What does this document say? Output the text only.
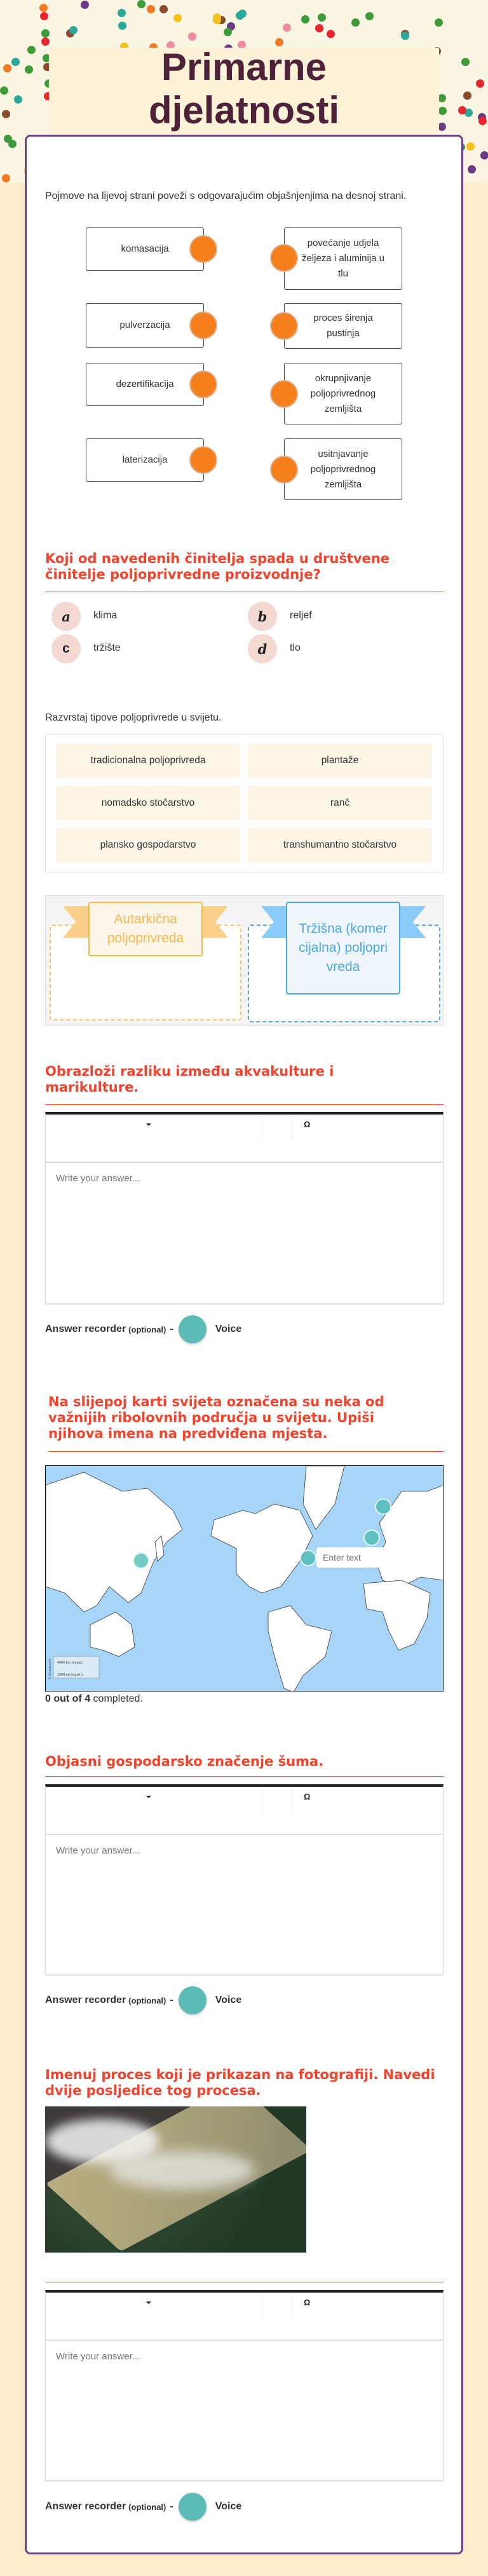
Primarne djelatnosti

Pojmove na lijevoj strani poveži s odgovarajućim objašnjenjima na desnoj strani.

komasacija
pulverzacija
dezertifikacija
laterizacija
povećanje udjela željeza i aluminija u tlu
proces širenja pustinja
okrupnjivanje poljoprivrednog zemljišta
usitnjavanje poljoprivrednog zemljišta
Koji od navedenih činitelja spada u društvene činitelje poljoprivredne proizvodnje?
a	klima	b	reljef
c	tržište	d	tlo

Razvrstaj tipove poljoprivrede u svijetu.

tradicionalna poljoprivreda	plantaže
nomadsko stočarstvo	ranč
plansko gospodarstvo	transhumantno stočarstvo
Autarkična poljoprivreda
Tržišna (komercijalna) poljoprivreda
Obrazloži razliku između akvakulture i marikulture.
Ω
Write your answer...
Answer recorder (optional) -	Voice
Na slijepoj karti svijeta označena su neka od važnijih ribolovnih područja u svijetu. Upiši njihova imena na predviđena mjesta.
4000 km (equat.)
2000 mi (equat.)
© d-maps.com

Enter text

0 out of 4 completed.

Objasni gospodarsko značenje šuma.
Ω
Write your answer...
Answer recorder (optional) -	Voice
Imenuj proces koji je prikazan na fotografiji. Navedi dvije posljedice tog procesa.
Ω
Write your answer...
Answer recorder (optional) -	Voice
